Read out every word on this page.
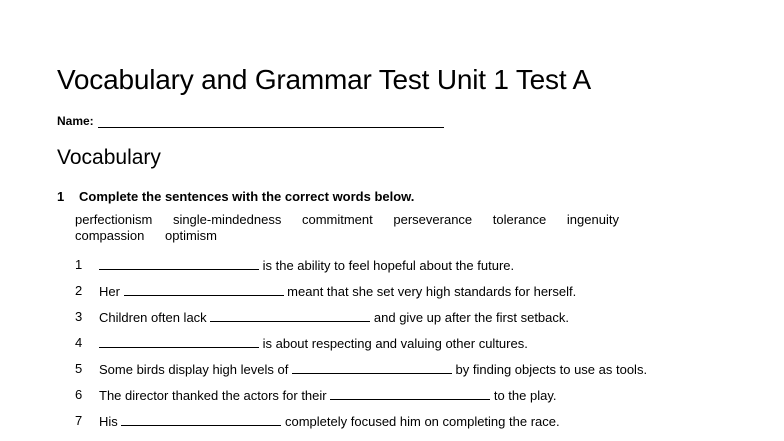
Vocabulary and Grammar Test Unit 1 Test A
Name:
Vocabulary
1 Complete the sentences with the correct words below.
perfectionism single-mindedness commitment perseverance tolerance ingenuity compassion optimism
1	is the ability to feel hopeful about the future.
2 Her	meant that she set very high standards for herself.
3 Children often lack	and give up after the first setback.
4	is about respecting and valuing other cultures.
5 Some birds display high levels of	by finding objects to use as tools.
6 The director thanked the actors for their	to the play.
7 His	completely focused him on completing the race.
